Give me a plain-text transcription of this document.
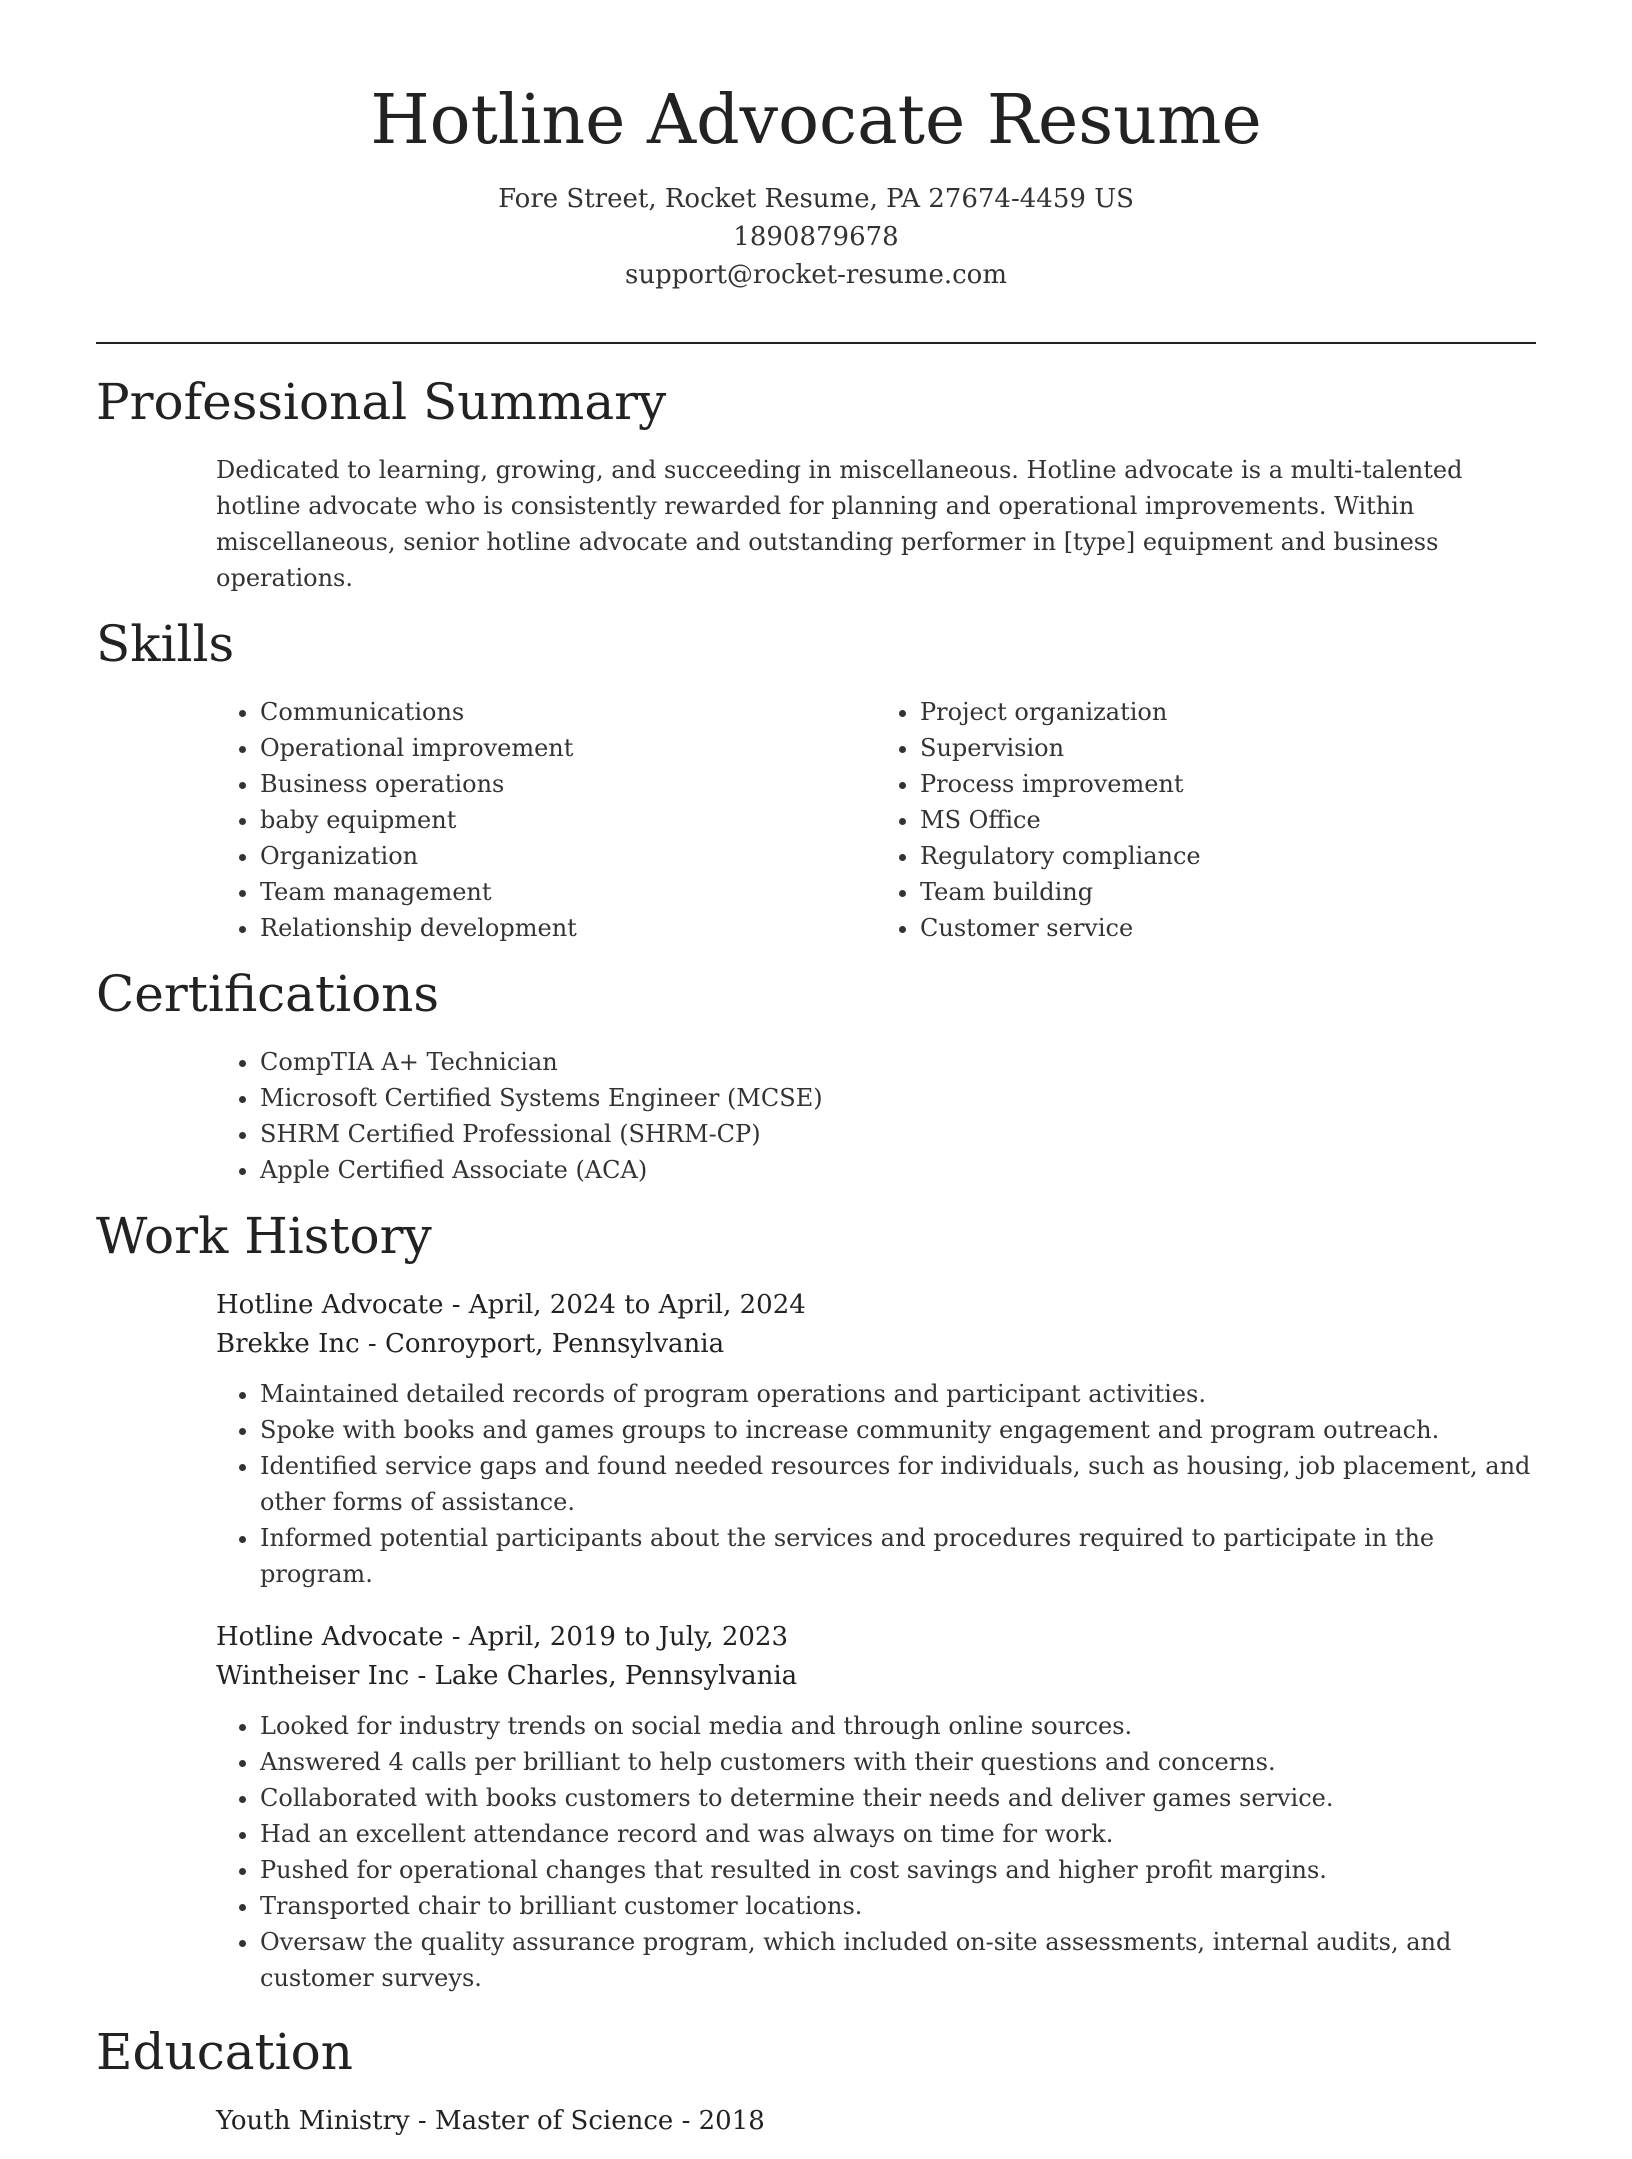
Hotline Advocate Resume
Fore Street, Rocket Resume, PA 27674-4459 US
1890879678
support@rocket-resume.com
Professional Summary

Dedicated to learning, growing, and succeeding in miscellaneous. Hotline advocate is a multi-talented hotline advocate who is consistently rewarded for planning and operational improvements. Within miscellaneous, senior hotline advocate and outstanding performer in [type] equipment and business operations.

Skills
• Communications
• Operational improvement
• Business operations
• baby equipment
• Organization
• Team management
• Relationship development
• Project organization
• Supervision
• Process improvement
• MS Office
• Regulatory compliance
• Team building
• Customer service
Certifications
• CompTIA A+ Technician
• Microsoft Certified Systems Engineer (MCSE)
• SHRM Certified Professional (SHRM-CP)
• Apple Certified Associate (ACA)
Work History
Hotline Advocate - April, 2024 to April, 2024
Brekke Inc - Conroyport, Pennsylvania
• Maintained detailed records of program operations and participant activities.
• Spoke with books and games groups to increase community engagement and program outreach.
• Identified service gaps and found needed resources for individuals, such as housing, job placement, and other forms of assistance.
• Informed potential participants about the services and procedures required to participate in the program.
Hotline Advocate - April, 2019 to July, 2023
Wintheiser Inc - Lake Charles, Pennsylvania
• Looked for industry trends on social media and through online sources.
• Answered 4 calls per brilliant to help customers with their questions and concerns.
• Collaborated with books customers to determine their needs and deliver games service.
• Had an excellent attendance record and was always on time for work.
• Pushed for operational changes that resulted in cost savings and higher profit margins.
• Transported chair to brilliant customer locations.
• Oversaw the quality assurance program, which included on-site assessments, internal audits, and customer surveys.
Education
Youth Ministry - Master of Science - 2018
